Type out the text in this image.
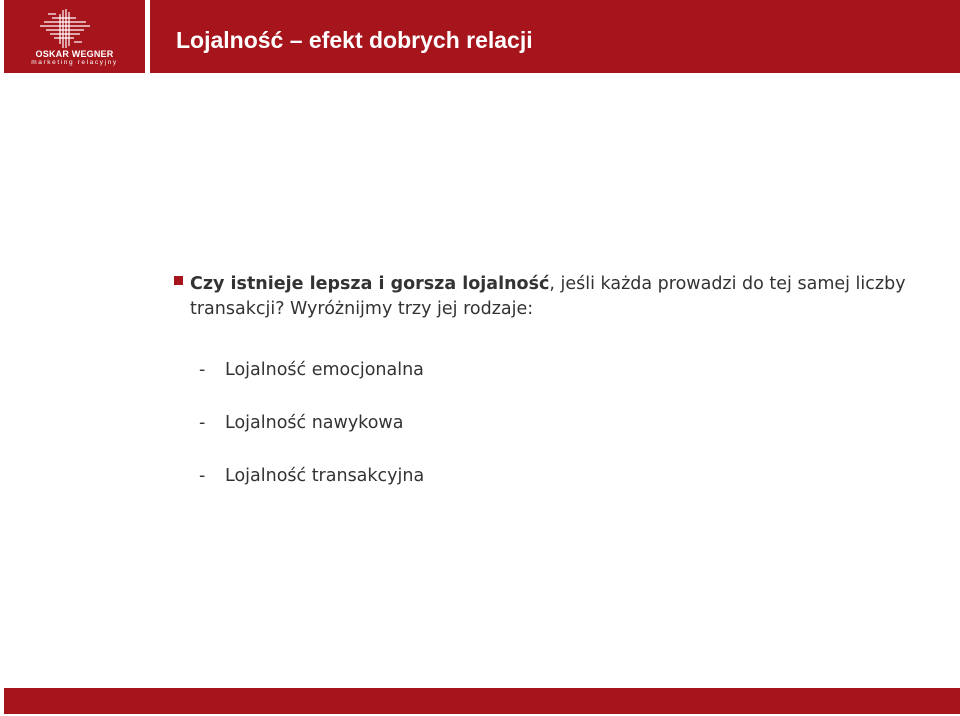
OSKAR WEGNER
marketing relacyjny
Lojalność – efekt dobrych relacji
Czy istnieje lepsza i gorsza lojalność, jeśli każda prowadzi do tej samej liczby transakcji? Wyróżnijmy trzy jej rodzaje:
- Lojalność emocjonalna
- Lojalność nawykowa
- Lojalność transakcyjna
